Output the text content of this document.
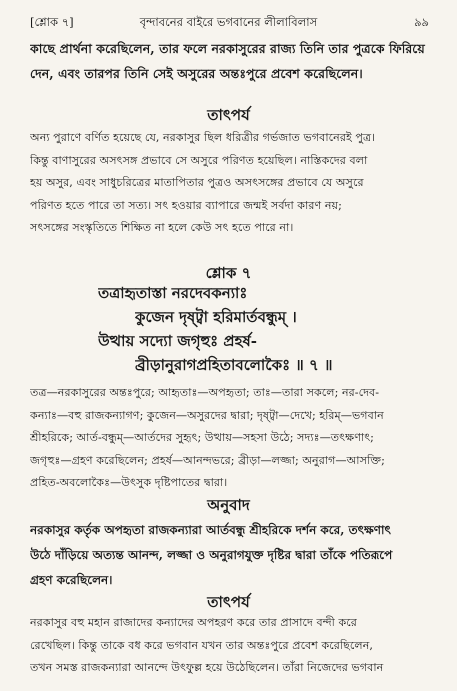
[শ্লোক ৭]	বৃন্দাবনের বাইরে ভগবানের লীলাবিলাস	৯৯
কাছে প্রার্থনা করেছিলেন, তার ফলে নরকাসুরের রাজ্য তিনি তার পুত্রকে ফিরিয়ে
দেন, এবং তারপর তিনি সেই অসুরের অন্তঃপুরে প্রবেশ করেছিলেন।
তাৎপর্য
অন্য পুরাণে বর্ণিত হয়েছে যে, নরকাসুর ছিল ধরিত্রীর গর্ভজাত ভগবানেরই পুত্র।
কিন্তু বাণাসুরের অসৎসঙ্গ প্রভাবে সে অসুরে পরিণত হয়েছিল। নাস্তিকদের বলা
হয় অসুর, এবং সাধুচরিত্রের মাতাপিতার পুত্রও অসৎসঙ্গের প্রভাবে যে অসুরে
পরিণত হতে পারে তা সত্য। সৎ হওয়ার ব্যাপারে জন্মই সর্বদা কারণ নয়;
সৎসঙ্গের সংস্কৃতিতে শিক্ষিত না হলে কেউ সৎ হতে পারে না।
শ্লোক ৭
তত্রাহৃতাস্তা নরদেবকন্যাঃ
কুজেন দৃষ্ট্বা হরিমার্তবন্ধুম্‌ ।
উত্থায় সদ্যো জগৃহুঃ প্রহর্ষ-
ব্রীড়ানুরাগপ্রহিতাবলোকৈঃ ॥ ৭ ॥
তত্র—নরকাসুরের অন্তঃপুরে; আহৃতাঃ—অপহৃতা; তাঃ—তারা সকলে; নর-দেব-
কন্যাঃ—বহু রাজকন্যাগণ; কুজেন—অসুরদের দ্বারা; দৃষ্ট্বা—দেখে; হরিম্‌—ভগবান
শ্রীহরিকে; আর্ত-বন্ধুম্‌—আর্তদের সুহৃৎ; উত্থায়—সহসা উঠে; সদ্যঃ—তৎক্ষণাৎ;
জগৃহুঃ—গ্রহণ করেছিলেন; প্রহর্ষ—আনন্দভরে; ব্রীড়া—লজ্জা; অনুরাগ—আসক্তি;
প্রহিত-অবলোকৈঃ—উৎসুক দৃষ্টিপাতের দ্বারা।
অনুবাদ
নরকাসুর কর্তৃক অপহৃতা রাজকন্যারা আর্তবন্ধু শ্রীহরিকে দর্শন করে, তৎক্ষণাৎ
উঠে দাঁড়িয়ে অত্যন্ত আনন্দ, লজ্জা ও অনুরাগযুক্ত দৃষ্টির দ্বারা তাঁকে পতিরূপে
গ্রহণ করেছিলেন।
তাৎপর্য
নরকাসুর বহু মহান রাজাদের কন্যাদের অপহরণ করে তার প্রাসাদে বন্দী করে
রেখেছিল। কিন্তু তাকে বধ করে ভগবান যখন তার অন্তঃপুরে প্রবেশ করেছিলেন,
তখন সমস্ত রাজকন্যারা আনন্দে উৎফুল্ল হয়ে উঠেছিলেন। তাঁরা নিজেদের ভগবান
